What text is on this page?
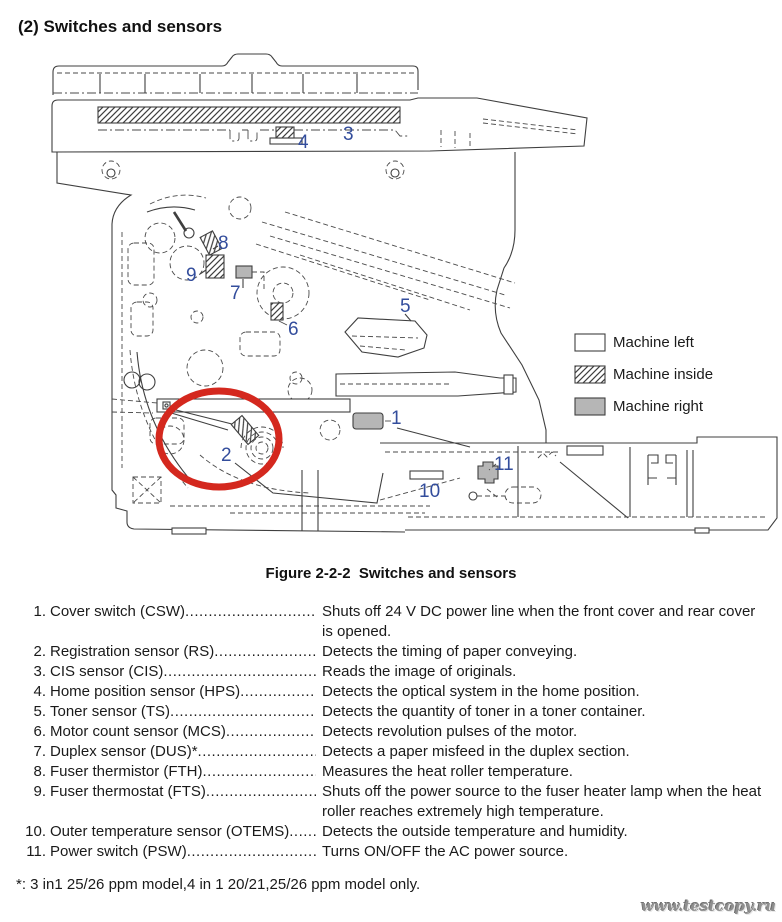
(2) Switches and sensors
1
2
3
4
5
6
7
8
9
10
11
Machine left
Machine inside
Machine right
Figure 2-2-2  Switches and sensors
1. Cover switch (CSW) .....	Shuts off 24 V DC power line when the front cover and rear cover is opened.
2. Registration sensor (RS) .....	Detects the timing of paper conveying.
3. CIS sensor (CIS) .....	Reads the image of originals.
4. Home position sensor (HPS) .....	Detects the optical system in the home position.
5. Toner sensor (TS) .....	Detects the quantity of toner in a toner container.
6. Motor count sensor (MCS) .....	Detects revolution pulses of the motor.
7. Duplex sensor (DUS)* .....	Detects a paper misfeed in the duplex section.
8. Fuser thermistor (FTH) .....	Measures the heat roller temperature.
9. Fuser thermostat (FTS) .....	Shuts off the power source to the fuser heater lamp when the heat roller reaches extremely high temperature.
10. Outer temperature sensor (OTEMS) .....	Detects the outside temperature and humidity.
11. Power switch (PSW) .....	Turns ON/OFF the AC power source.
*: 3 in1 25/26 ppm model,4 in 1 20/21,25/26 ppm model only.
www.testcopy.ru
